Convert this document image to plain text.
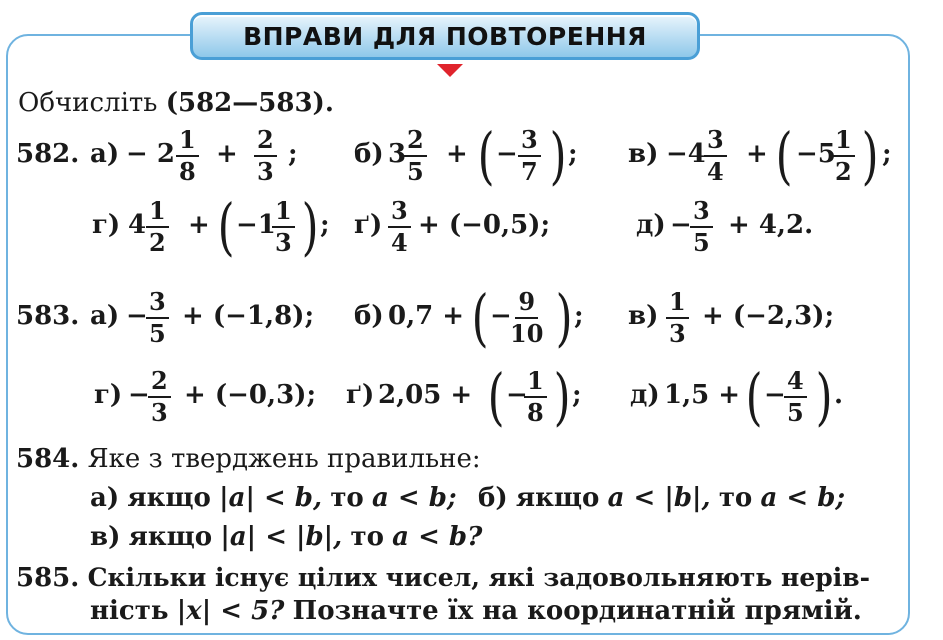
ВПРАВИ ДЛЯ ПОВТОРЕННЯ
Обчисліть (582—583).
582. $а) - 2 \frac{1}{8} + \frac{2}{3}$ ; б) 3
$\frac{2}{5}$ + ( − $\frac{3}{7}$ ) ; в) −4
$\frac{3}{4}$ + ( −5
$\frac{1}{2}$ ) ;
г) $4 \frac{1}{2}$ + ( −1
$\frac{1}{3}$ ) ; $ґ) \frac{3}{4} + (-0,5)$;	д) −
$\frac{3}{5} + 4,2$.
583. а) −
$\frac{3}{5} + (-1,8)$; б) 0,7 + ( −
$\frac{9}{10}$ ) ; $в) \frac{1}{3} + (-2,3)$;
г) −
$\frac{2}{3} + (-0,3)$; ґ) 2,05 + ( −
$\frac{1}{8}$ ) ; д) 1,5 + ( −
$\frac{4}{5}$ ) .
584. Яке з тверджень правильне:
а) якщо |a| < b, то a < b; б) якщо a < |b|, то a < b;
в) якщо |a| < |b|, то a < b?
585. Скільки існує цілих чисел, які задовольняють нерів-
ність |x| < 5? Позначте їх на координатній прямій.
